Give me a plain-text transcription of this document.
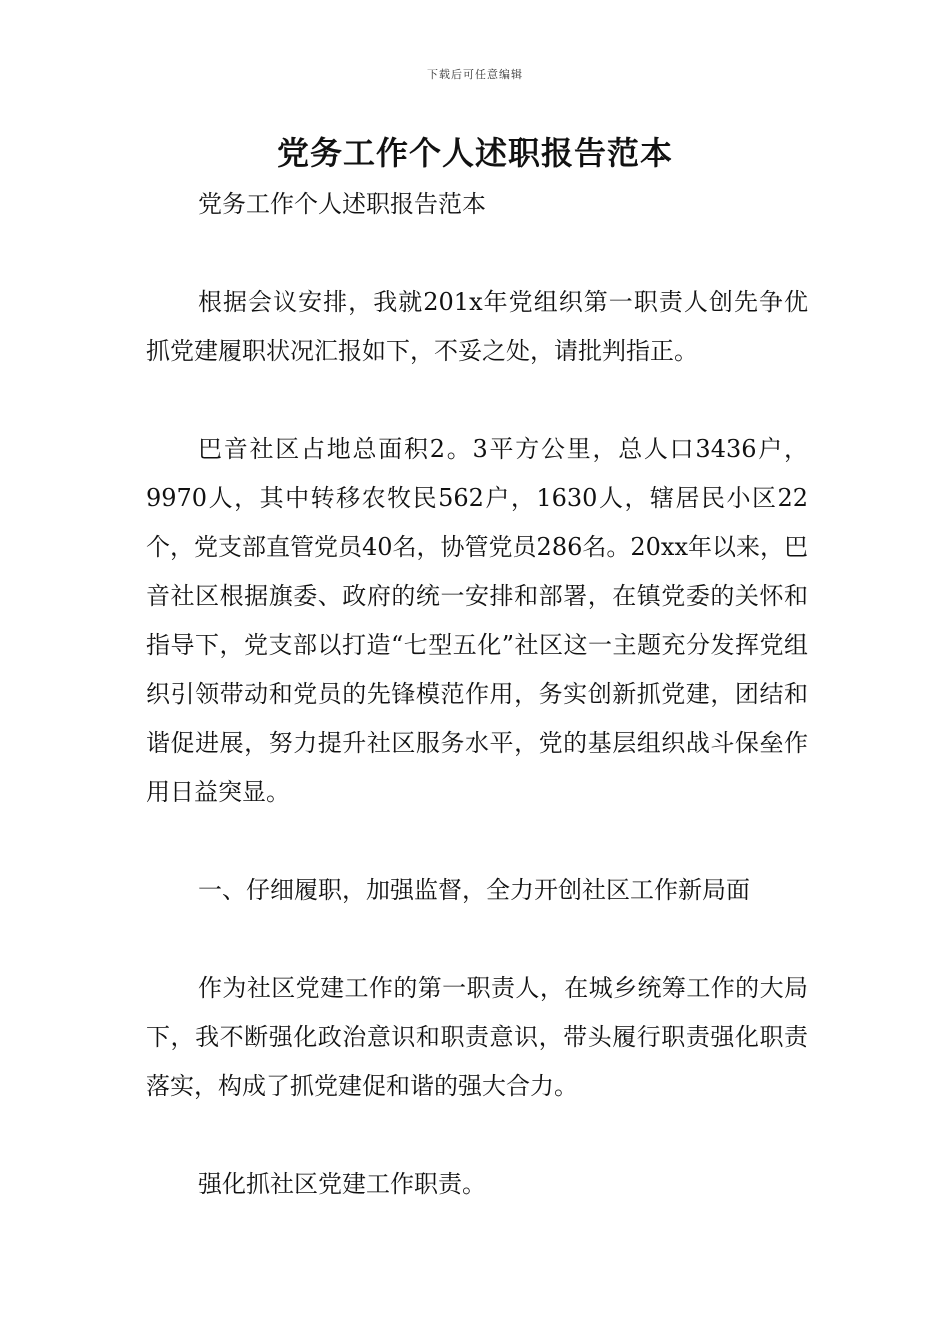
下载后可任意编辑
党务工作个人述职报告范本

党务工作个人述职报告范本

根据会议安排，我就201x年党组织第一职责人创先争优抓党建履职状况汇报如下，不妥之处，请批判指正。

巴音社区占地总面积2。3平方公里，总人口3436户，9970人，其中转移农牧民562户，1630人，辖居民小区22个，党支部直管党员40名，协管党员286名。20xx年以来，巴音社区根据旗委、政府的统一安排和部署，在镇党委的关怀和指导下，党支部以打造“七型五化”社区这一主题充分发挥党组织引领带动和党员的先锋模范作用，务实创新抓党建，团结和谐促进展，努力提升社区服务水平，党的基层组织战斗保垒作用日益突显。

一、仔细履职，加强监督，全力开创社区工作新局面

作为社区党建工作的第一职责人，在城乡统筹工作的大局下，我不断强化政治意识和职责意识，带头履行职责强化职责落实，构成了抓党建促和谐的强大合力。

强化抓社区党建工作职责。
